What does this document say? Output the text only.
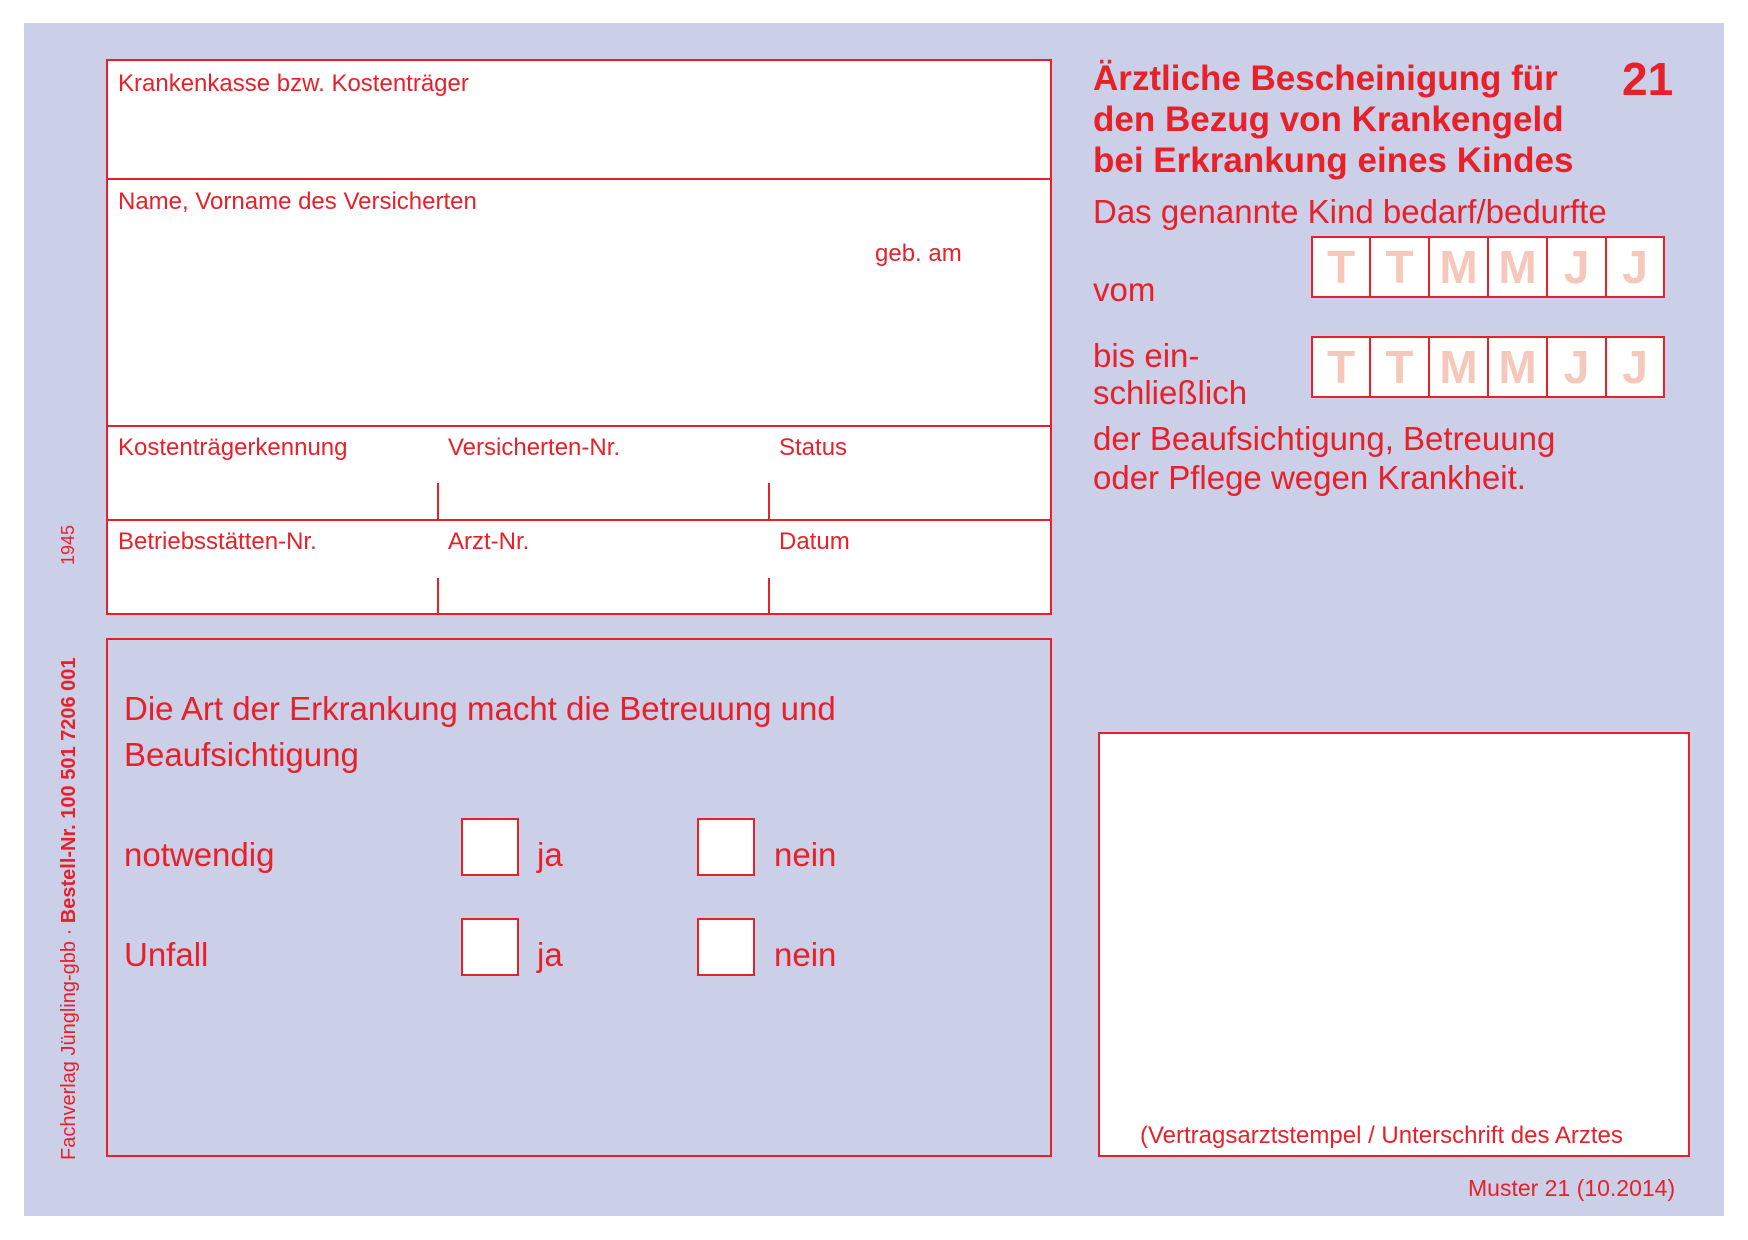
Fachverlag Jüngling-gbb · Bestell-Nr. 100 501 7206 001
1945
Krankenkasse bzw. Kostenträger
Name, Vorname des Versicherten
geb. am
Kostenträgerkennung	Versicherten-Nr.	Status
Betriebsstätten-Nr.	Arzt-Nr.	Datum
Die Art der Erkrankung macht die Betreuung und
Beaufsichtigung
notwendig	ja	nein
Unfall	ja	nein
Ärztliche Bescheinigung für den Bezug von Krankengeld bei Erkrankung eines Kindes
21
Das genannte Kind bedarf/bedurfte
vom	T T M M J J
bis ein-
schließlich	T T M M J J
der Beaufsichtigung, Betreuung
oder Pflege wegen Krankheit.
(Vertragsarztstempel / Unterschrift des Arztes
Muster 21 (10.2014)
